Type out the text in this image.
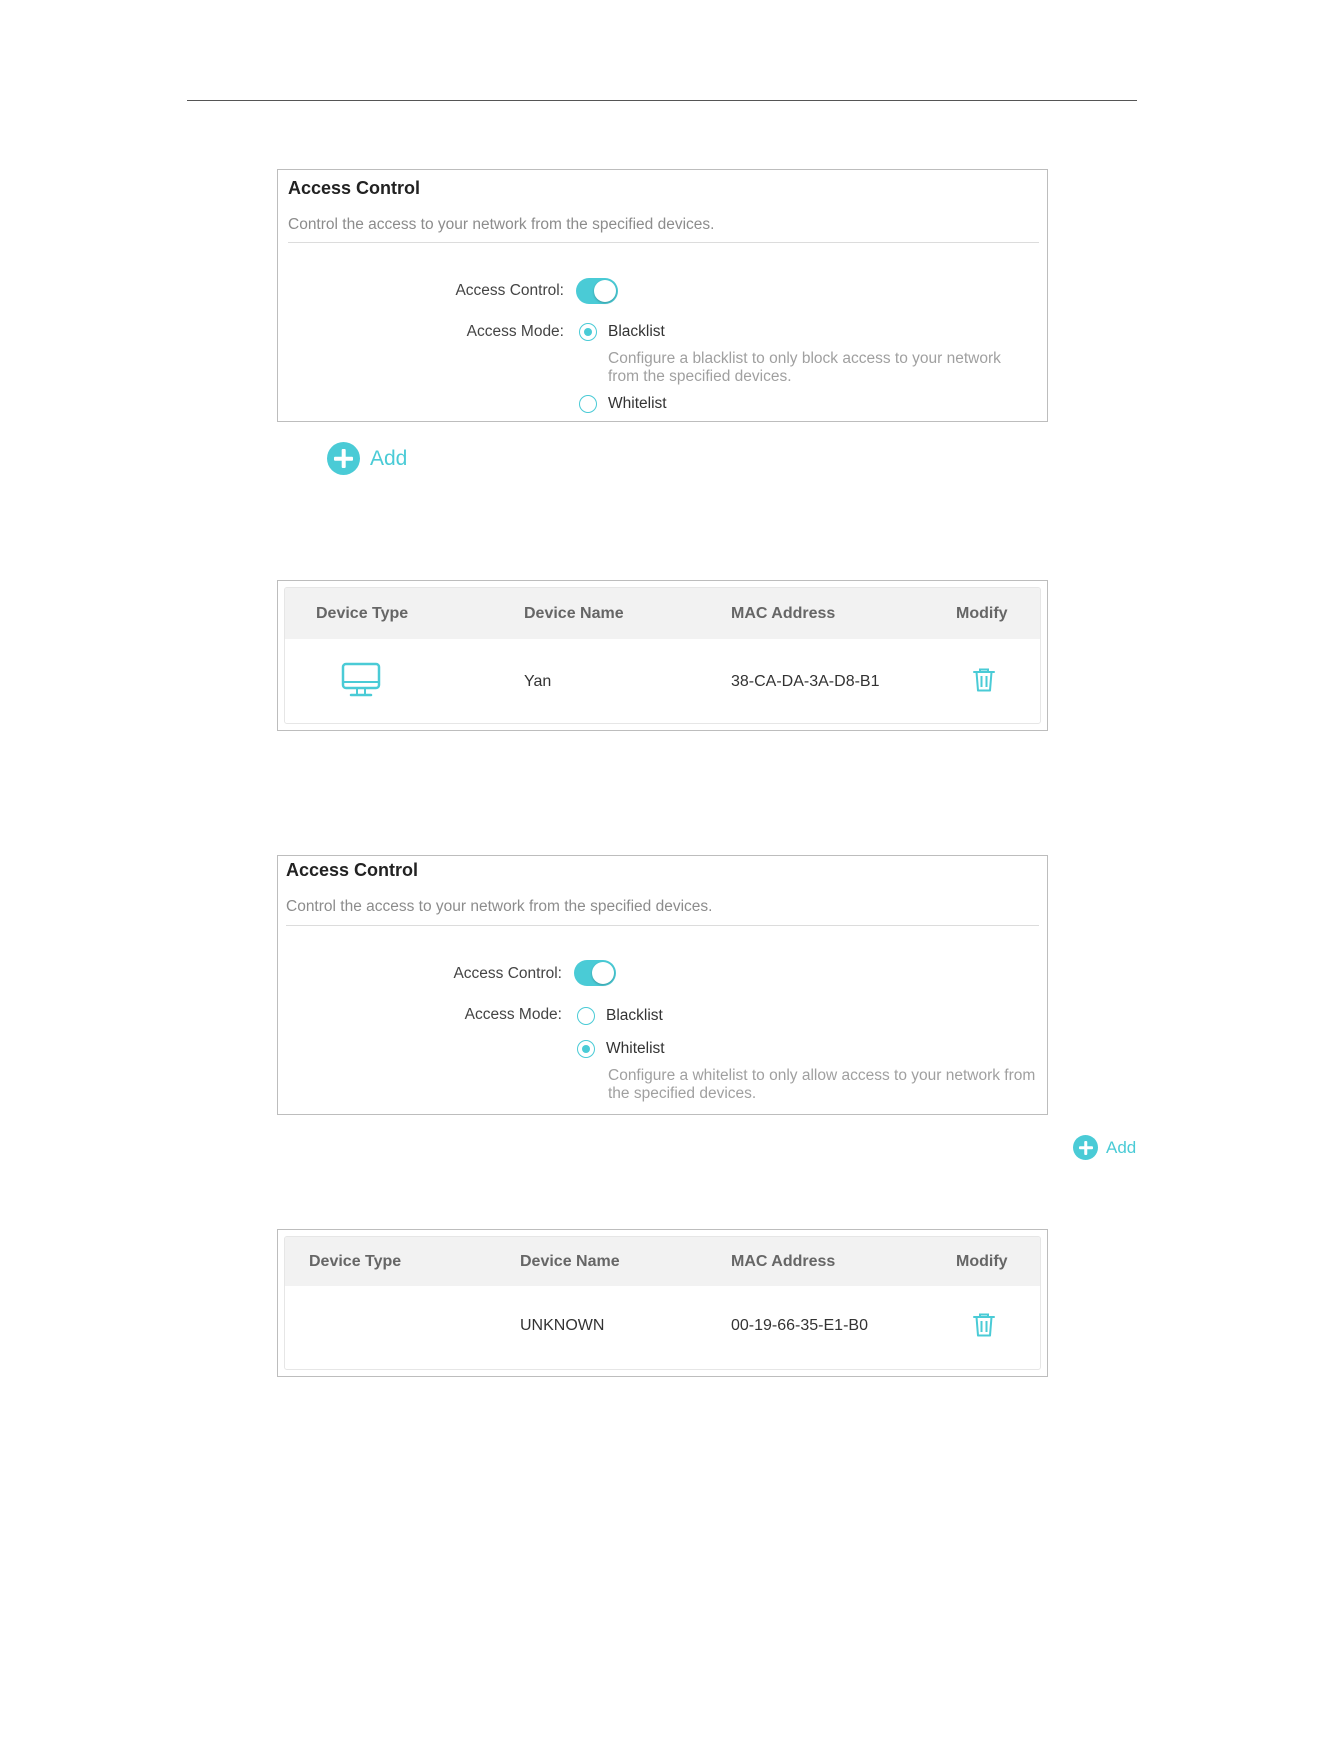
Access Control
Control the access to your network from the specified devices.
Access Control:
Access Mode:	Blacklist
Configure a blacklist to only block access to your network from the specified devices.
Whitelist
Add
Device Type	Device Name	MAC Address	Modify
Yan	38-CA-DA-3A-D8-B1
Access Control
Control the access to your network from the specified devices.
Access Control:
Access Mode:	Blacklist
Whitelist
Configure a whitelist to only allow access to your network from the specified devices.
Add
Device Type	Device Name	MAC Address	Modify
UNKNOWN	00-19-66-35-E1-B0
